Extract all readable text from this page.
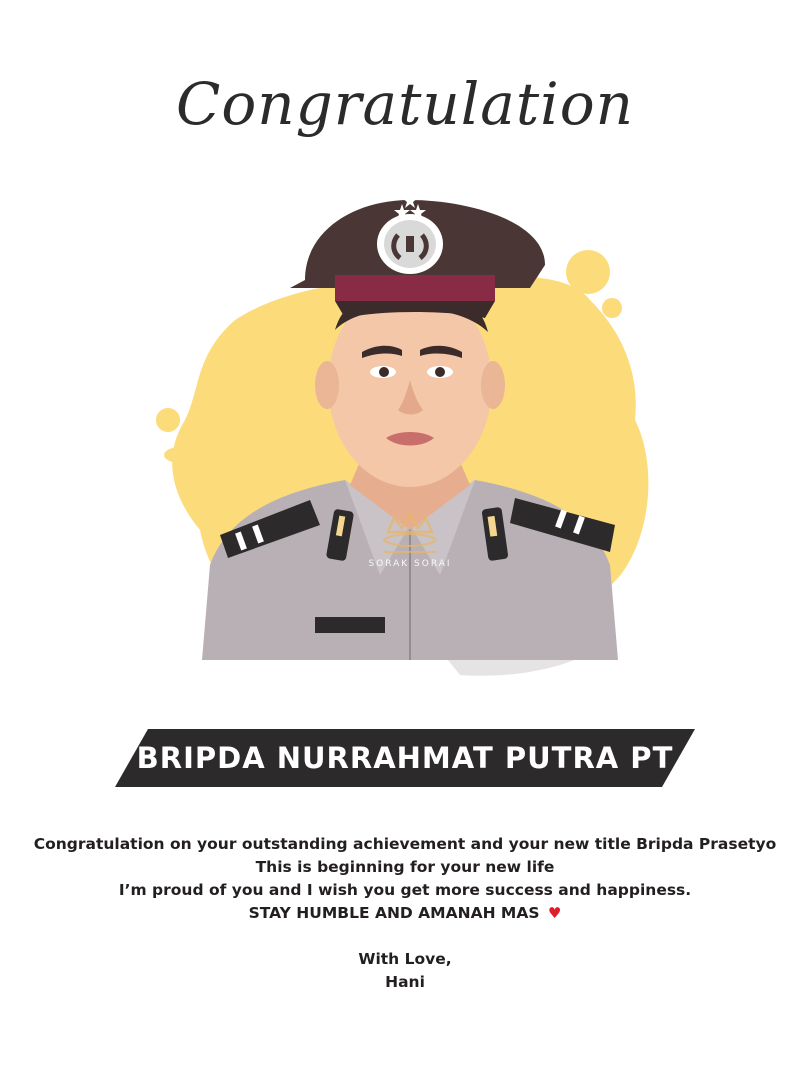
Congratulation
SORAK SORAI
BRIPDA NURRAHMAT PUTRA PT
Congratulation on your outstanding achievement and your new title Bripda Prasetyo
This is beginning for your new life
I’m proud of you and I wish you get more success and happiness.
STAY HUMBLE AND AMANAH MAS ♥
With Love,
Hani
